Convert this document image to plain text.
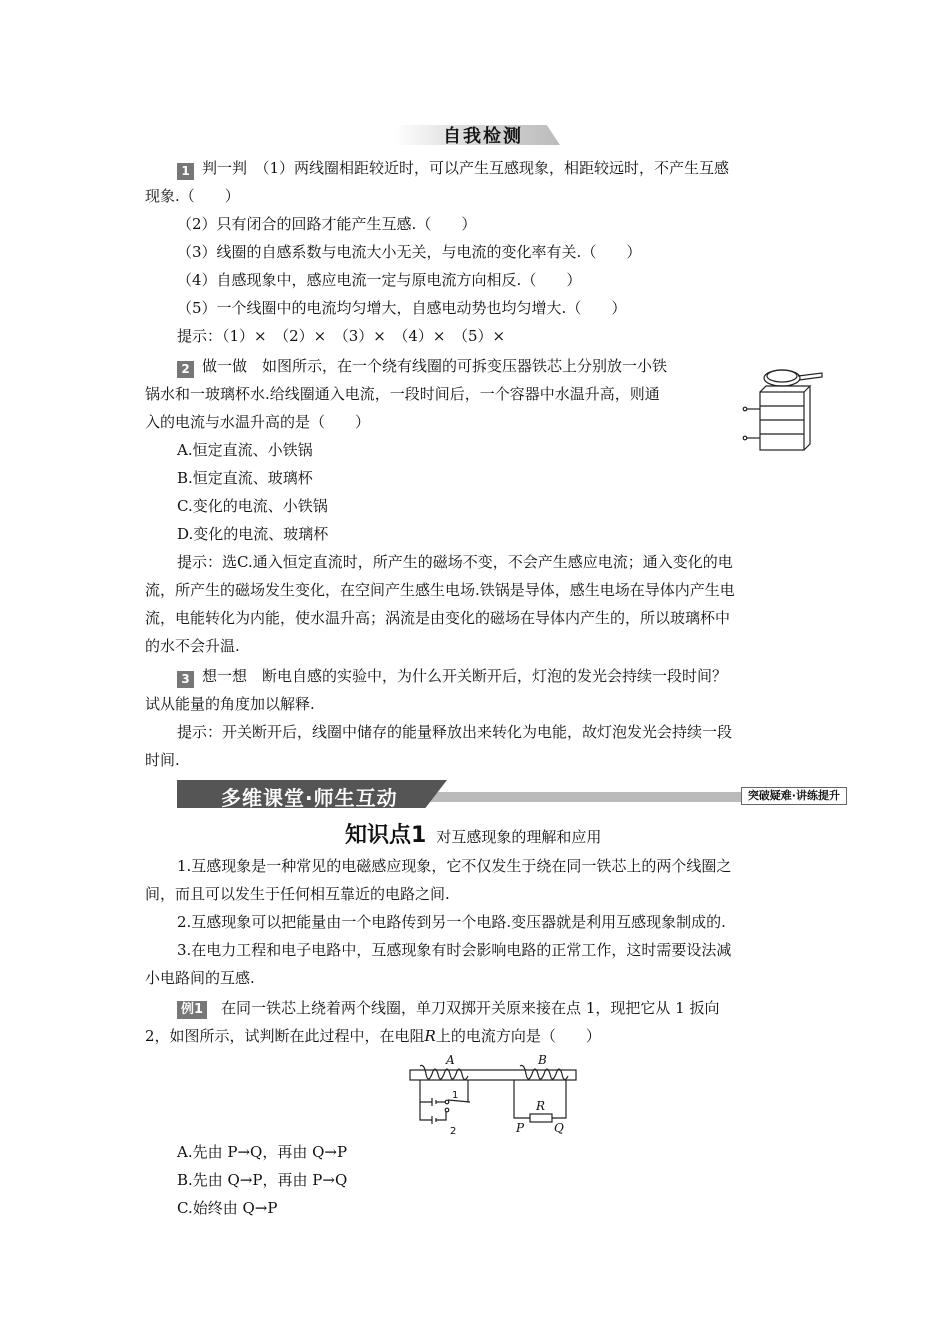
自我检测
1 判一判　（1）两线圈相距较近时，可以产生互感现象，相距较远时，不产生互感
现象.（　　）
（2）只有闭合的回路才能产生互感.（　　）
（3）线圈的自感系数与电流大小无关，与电流的变化率有关.（　　）
（4）自感现象中，感应电流一定与原电流方向相反.（　　）
（5）一个线圈中的电流均匀增大，自感电动势也均匀增大.（　　）
提示：（1）×　（2）×　（3）×　（4）×　（5）×
2 做一做　如图所示，在一个绕有线圈的可拆变压器铁芯上分别放一小铁
锅水和一玻璃杯水.给线圈通入电流，一段时间后，一个容器中水温升高，则通
入的电流与水温升高的是（　　）
A.恒定直流、小铁锅
B.恒定直流、玻璃杯
C.变化的电流、小铁锅
D.变化的电流、玻璃杯
提示：选C.通入恒定直流时，所产生的磁场不变，不会产生感应电流；通入变化的电
流，所产生的磁场发生变化，在空间产生感生电场.铁锅是导体，感生电场在导体内产生电
流，电能转化为内能，使水温升高；涡流是由变化的磁场在导体内产生的，所以玻璃杯中
的水不会升温.
3 想一想　断电自感的实验中，为什么开关断开后，灯泡的发光会持续一段时间？
试从能量的角度加以解释.
提示：开关断开后，线圈中储存的能量释放出来转化为电能，故灯泡发光会持续一段
时间.
多维课堂·师生互动	突破疑难·讲练提升
知识点1 对互感现象的理解和应用
1.互感现象是一种常见的电磁感应现象，它不仅发生于绕在同一铁芯上的两个线圈之
间，而且可以发生于任何相互靠近的电路之间.
2.互感现象可以把能量由一个电路传到另一个电路.变压器就是利用互感现象制成的.
3.在电力工程和电子电路中，互感现象有时会影响电路的正常工作，这时需要设法减
小电路间的互感.
例1 在同一铁芯上绕着两个线圈，单刀双掷开关原来接在点 1，现把它从 1 扳向
2，如图所示，试判断在此过程中，在电阻R上的电流方向是（　　）
A	B
R
P Q
1
2
A.先由 P→Q，再由 Q→P
B.先由 Q→P，再由 P→Q
C.始终由 Q→P
